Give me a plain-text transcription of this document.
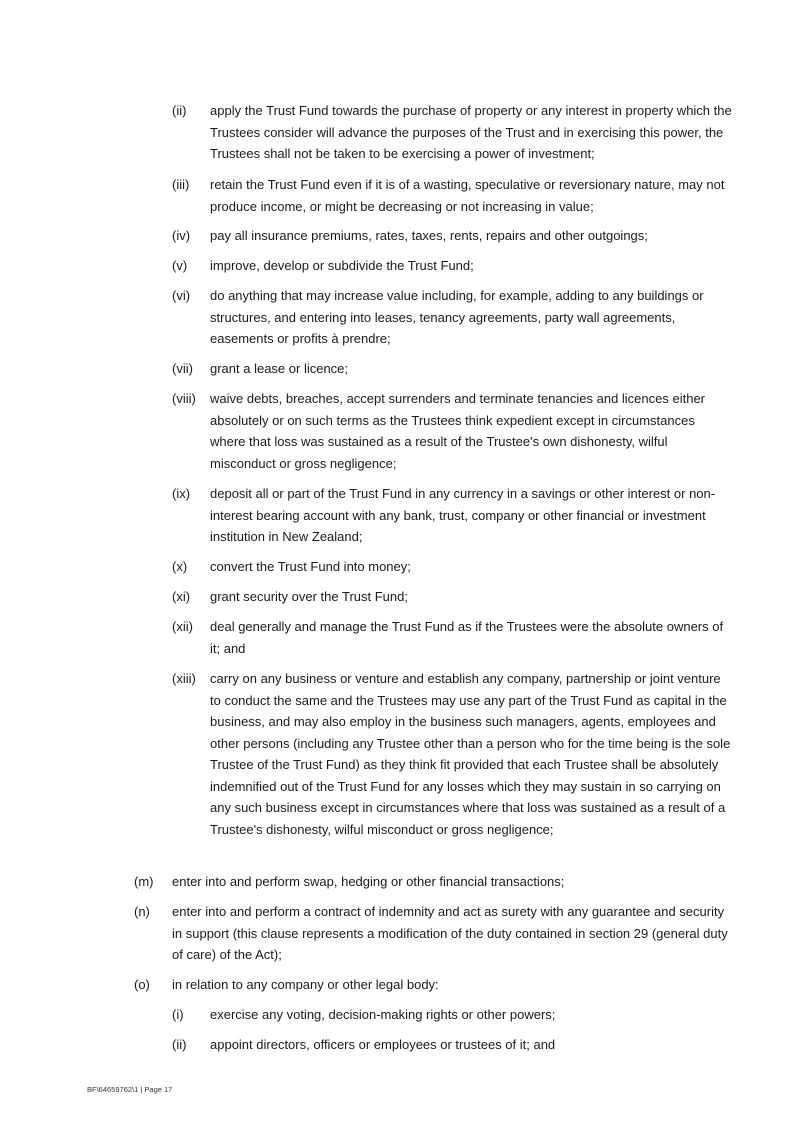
(ii) apply the Trust Fund towards the purchase of property or any interest in property which the Trustees consider will advance the purposes of the Trust and in exercising this power, the Trustees shall not be taken to be exercising a power of investment;
(iii) retain the Trust Fund even if it is of a wasting, speculative or reversionary nature, may not produce income, or might be decreasing or not increasing in value;
(iv) pay all insurance premiums, rates, taxes, rents, repairs and other outgoings;
(v) improve, develop or subdivide the Trust Fund;
(vi) do anything that may increase value including, for example, adding to any buildings or structures, and entering into leases, tenancy agreements, party wall agreements, easements or profits à prendre;
(vii) grant a lease or licence;
(viii) waive debts, breaches, accept surrenders and terminate tenancies and licences either absolutely or on such terms as the Trustees think expedient except in circumstances where that loss was sustained as a result of the Trustee's own dishonesty, wilful misconduct or gross negligence;
(ix) deposit all or part of the Trust Fund in any currency in a savings or other interest or non-interest bearing account with any bank, trust, company or other financial or investment institution in New Zealand;
(x) convert the Trust Fund into money;
(xi) grant security over the Trust Fund;
(xii) deal generally and manage the Trust Fund as if the Trustees were the absolute owners of it; and
(xiii) carry on any business or venture and establish any company, partnership or joint venture to conduct the same and the Trustees may use any part of the Trust Fund as capital in the business, and may also employ in the business such managers, agents, employees and other persons (including any Trustee other than a person who for the time being is the sole Trustee of the Trust Fund) as they think fit provided that each Trustee shall be absolutely indemnified out of the Trust Fund for any losses which they may sustain in so carrying on any such business except in circumstances where that loss was sustained as a result of a Trustee's dishonesty, wilful misconduct or gross negligence;
(m) enter into and perform swap, hedging or other financial transactions;
(n) enter into and perform a contract of indemnity and act as surety with any guarantee and security in support (this clause represents a modification of the duty contained in section 29 (general duty of care) of the Act);
(o) in relation to any company or other legal body:
(i) exercise any voting, decision-making rights or other powers;
(ii) appoint directors, officers or employees or trustees of it; and
BF\64659762\1 | Page 17
